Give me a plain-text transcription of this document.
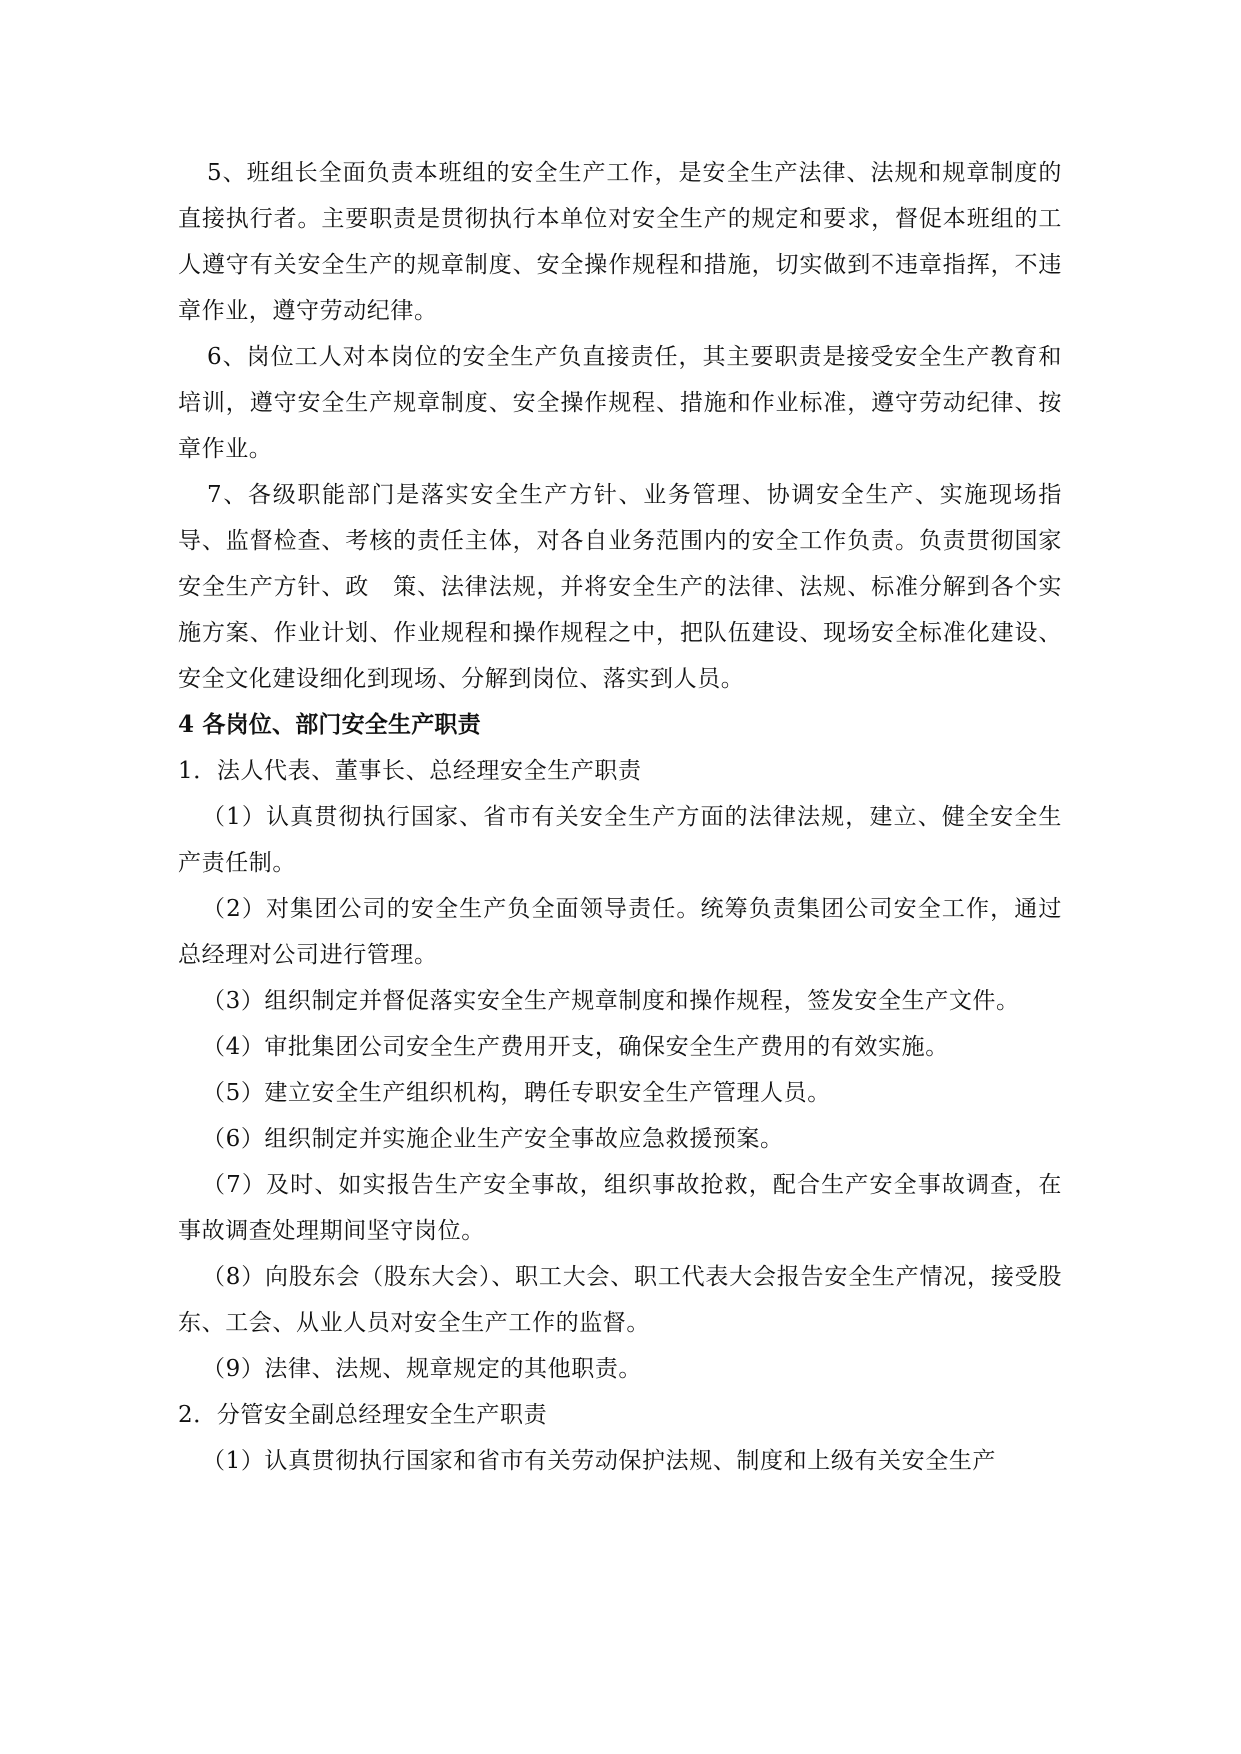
5、班组长全面负责本班组的安全生产工作，是安全生产法律、法规和规章制度的直接执行者。主要职责是贯彻执行本单位对安全生产的规定和要求，督促本班组的工人遵守有关安全生产的规章制度、安全操作规程和措施，切实做到不违章指挥，不违章作业，遵守劳动纪律。

6、岗位工人对本岗位的安全生产负直接责任，其主要职责是接受安全生产教育和培训，遵守安全生产规章制度、安全操作规程、措施和作业标准，遵守劳动纪律、按章作业。

7、各级职能部门是落实安全生产方针、业务管理、协调安全生产、实施现场指导、监督检查、考核的责任主体，对各自业务范围内的安全工作负责。负责贯彻国家安全生产方针、政　策、法律法规，并将安全生产的法律、法规、标准分解到各个实施方案、作业计划、作业规程和操作规程之中，把队伍建设、现场安全标准化建设、安全文化建设细化到现场、分解到岗位、落实到人员。

4 各岗位、部门安全生产职责

1．法人代表、董事长、总经理安全生产职责

（1）认真贯彻执行国家、省市有关安全生产方面的法律法规，建立、健全安全生产责任制。

（2）对集团公司的安全生产负全面领导责任。统筹负责集团公司安全工作，通过总经理对公司进行管理。

（3）组织制定并督促落实安全生产规章制度和操作规程，签发安全生产文件。

（4）审批集团公司安全生产费用开支，确保安全生产费用的有效实施。

（5）建立安全生产组织机构，聘任专职安全生产管理人员。

（6）组织制定并实施企业生产安全事故应急救援预案。

（7）及时、如实报告生产安全事故，组织事故抢救，配合生产安全事故调查，在事故调查处理期间坚守岗位。

（8）向股东会（股东大会）、职工大会、职工代表大会报告安全生产情况，接受股东、工会、从业人员对安全生产工作的监督。

（9）法律、法规、规章规定的其他职责。

2．分管安全副总经理安全生产职责

（1）认真贯彻执行国家和省市有关劳动保护法规、制度和上级有关安全生产
